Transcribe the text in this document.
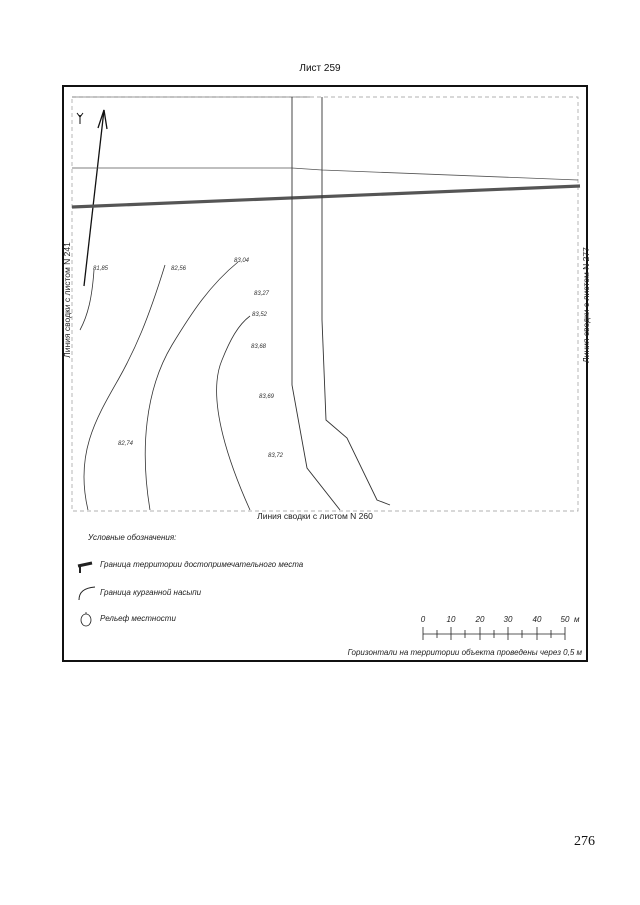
Лист 259
81,85	82,56
83,04
83,27
83,52
83,68
83,69
83,72
82,74
Линия сводки с листом N 241	Линия сводки с листом N 277
Линия сводки с листом N 260
Условные обозначения:
Граница территории достопримечательного места
Граница курганной насыпи
Рельеф местности	0	10	20 30	40 50 м
Горизонтали на территории объекта проведены через 0,5 м
276
